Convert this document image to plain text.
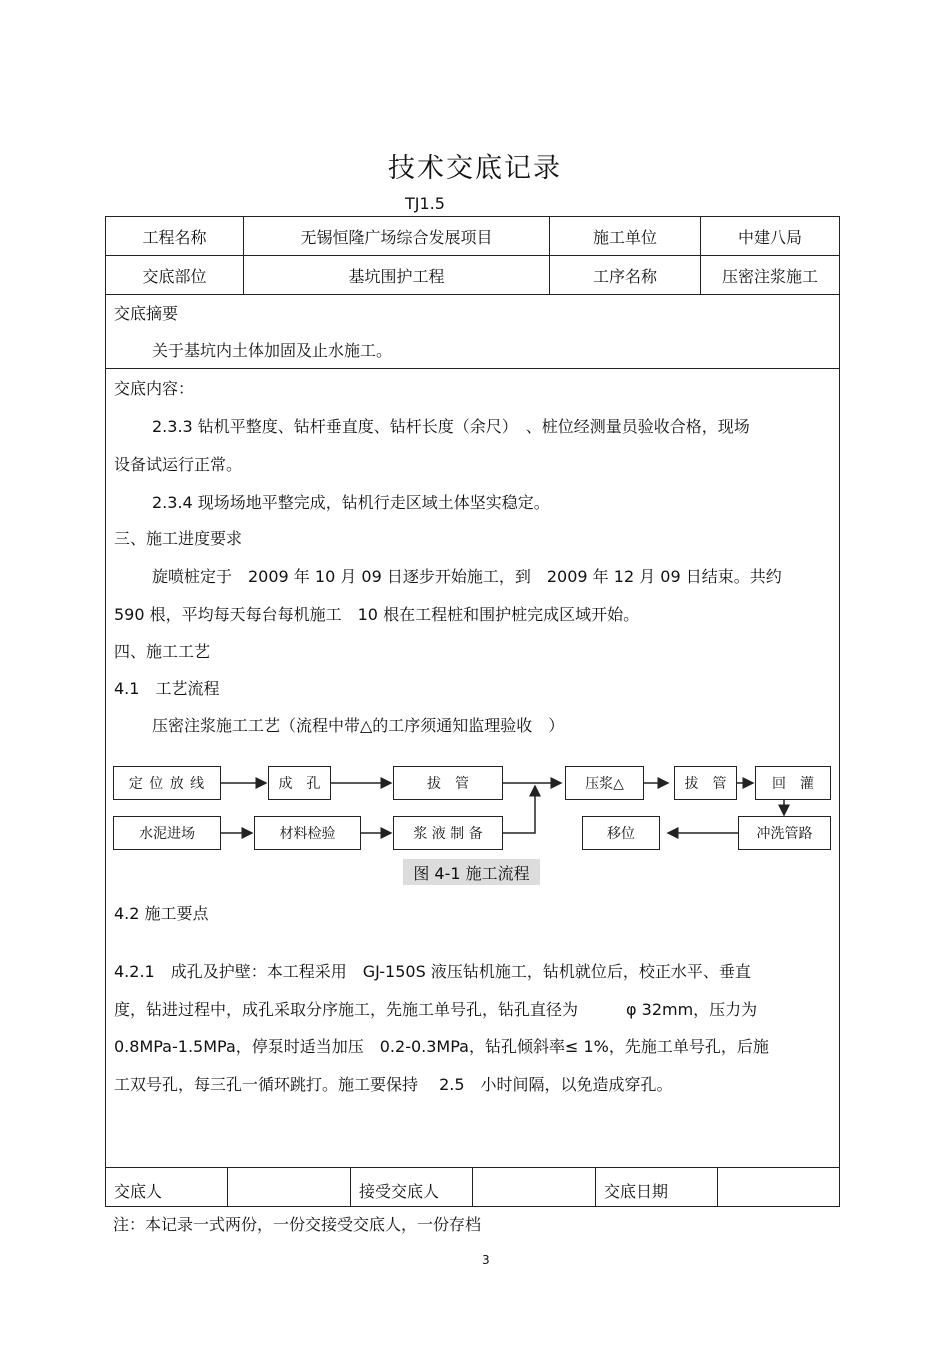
技术交底记录
TJ1.5
工程名称	无锡恒隆广场综合发展项目	施工单位	中建八局
交底部位	基坑围护工程	工序名称	压密注浆施工
交底摘要
关于基坑内土体加固及止水施工。
交底内容：
2.3.3 钻机平整度、钻杆垂直度、钻杆长度（余尺）　、桩位经测量员验收合格，现场
设备试运行正常。
2.3.4 现场场地平整完成，钻机行走区域土体坚实稳定。
三、施工进度要求
旋喷桩定于　2009 年 10 月 09 日逐步开始施工，到　2009 年 12 月 09 日结束。共约
590 根，平均每天每台每机施工　10 根在工程桩和围护桩完成区域开始。
四、施工工艺
4.1　工艺流程
压密注浆施工工艺（流程中带△的工序须通知监理验收　）
定 位 放 线	成　孔	拔　管	压浆△	拔　管	回　灌
水泥进场	材料检验	浆 液 制 备	移位	冲洗管路
4.2 施工要点
4.2.1　成孔及护壁：本工程采用　GJ-150S 液压钻机施工，钻机就位后，校正水平、垂直
度，钻进过程中，成孔采取分序施工，先施工单号孔，钻孔直径为　　　φ 32mm，压力为
0.8MPa-1.5MPa，停泵时适当加压　0.2-0.3MPa，钻孔倾斜率≤ 1%，先施工单号孔，后施
工双号孔，每三孔一循环跳打。施工要保持　 2.5　小时间隔，以免造成穿孔。
交底人	接受交底人	交底日期
图 4-1 施工流程
注：本记录一式两份，一份交接受交底人，一份存档
3
